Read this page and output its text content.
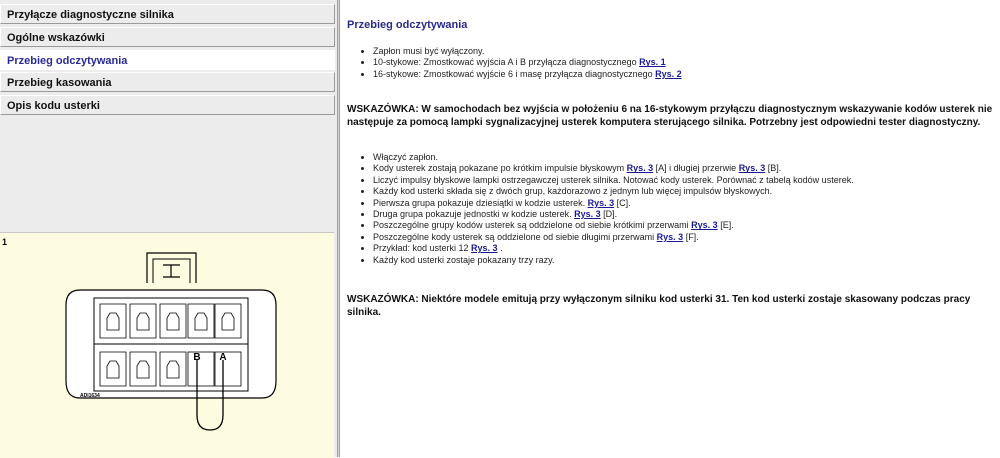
Przyłącze diagnostyczne silnika
Ogólne wskazówki
Przebieg odczytywania
Przebieg kasowania
Opis kodu usterki
1
B A
ADI1634
Przebieg odczytywania
• Zapłon musi być wyłączony.
• 10-stykowe: Zmostkować wyjścia A i B przyłącza diagnostycznego Rys. 1
• 16-stykowe: Zmostkować wyjście 6 i masę przyłącza diagnostycznego Rys. 2
WSKAZÓWKA: W samochodach bez wyjścia w położeniu 6 na 16-stykowym przyłączu diagnostycznym wskazywanie kodów usterek nie następuje za pomocą lampki sygnalizacyjnej usterek komputera sterującego silnika. Potrzebny jest odpowiedni tester diagnostyczny.
• Włączyć zapłon.
• Kody usterek zostają pokazane po krótkim impulsie błyskowym Rys. 3 [A] i długiej przerwie Rys. 3 [B].
• Liczyć impulsy błyskowe lampki ostrzegawczej usterek silnika. Notować kody usterek. Porównać z tabelą kodów usterek.
• Każdy kod usterki składa się z dwóch grup, każdorazowo z jednym lub więcej impulsów błyskowych.
• Pierwsza grupa pokazuje dziesiątki w kodzie usterek. Rys. 3 [C].
• Druga grupa pokazuje jednostki w kodzie usterek. Rys. 3 [D].
• Poszczególne grupy kodów usterek są oddzielone od siebie krótkimi przerwami Rys. 3 [E].
• Poszczególne kody usterek są oddzielone od siebie długimi przerwami Rys. 3 [F].
• Przykład: kod usterki 12 Rys. 3 .
• Każdy kod usterki zostaje pokazany trzy razy.
WSKAZÓWKA: Niektóre modele emitują przy wyłączonym silniku kod usterki 31. Ten kod usterki zostaje skasowany podczas pracy silnika.
